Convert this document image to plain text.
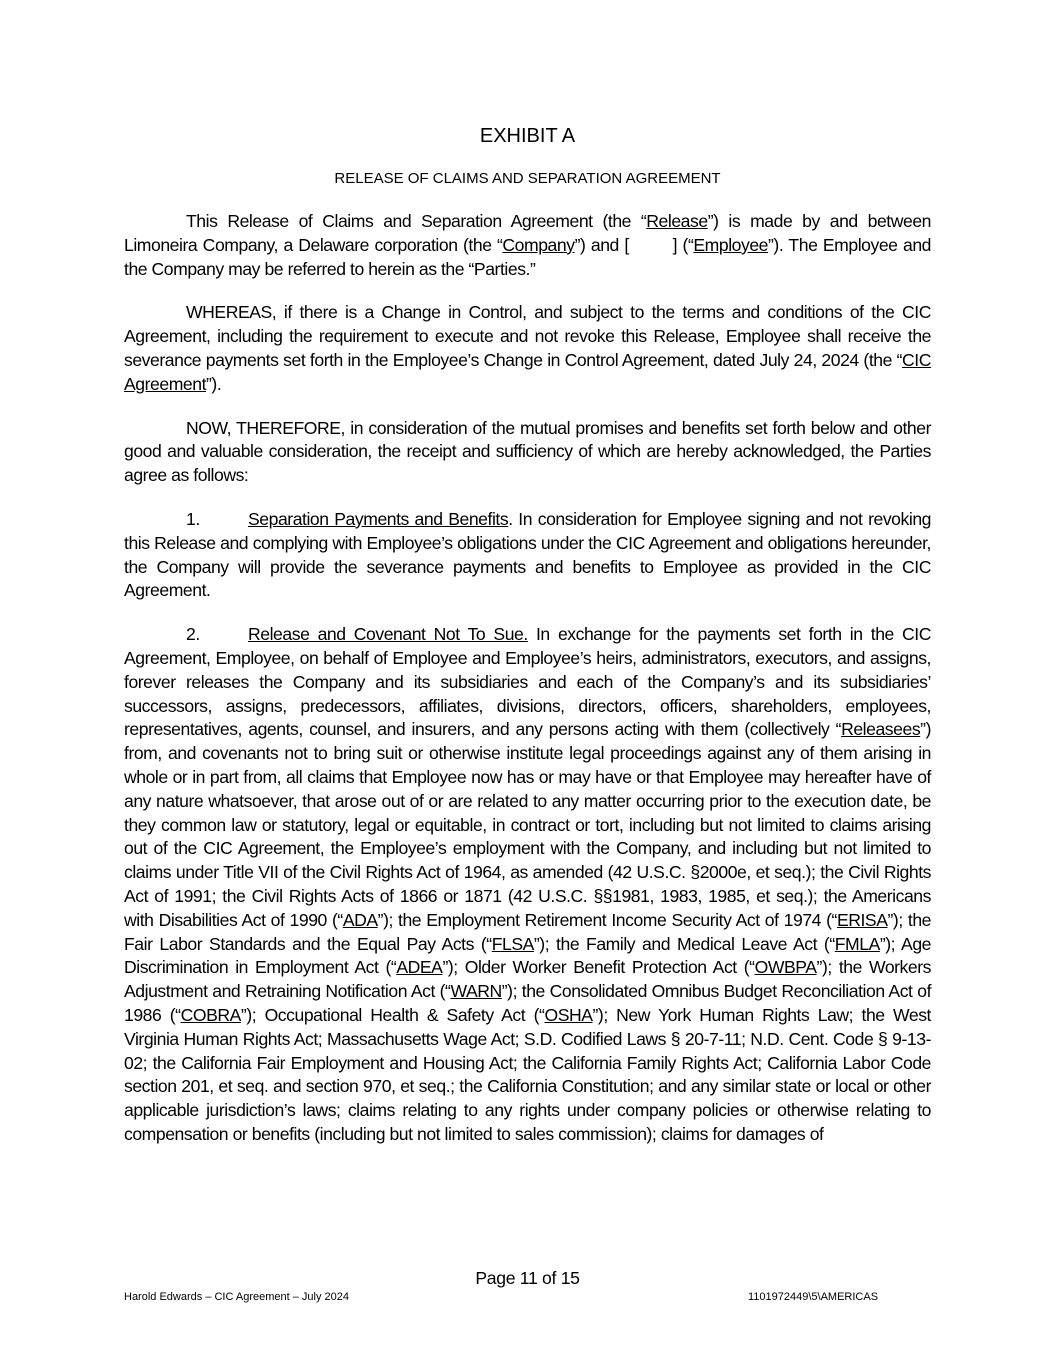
EXHIBIT A
RELEASE OF CLAIMS AND SEPARATION AGREEMENT

This Release of Claims and Separation Agreement (the “Release”) is made by and between Limoneira Company, a Delaware corporation (the “Company”) and [        ] (“Employee”). The Employee and the Company may be referred to herein as the “Parties.”

WHEREAS, if there is a Change in Control, and subject to the terms and conditions of the CIC Agreement, including the requirement to execute and not revoke this Release, Employee shall receive the severance payments set forth in the Employee’s Change in Control Agreement, dated July 24, 2024 (the “CIC Agreement”).

NOW, THEREFORE, in consideration of the mutual promises and benefits set forth below and other good and valuable consideration, the receipt and sufficiency of which are hereby acknowledged, the Parties agree as follows:

1.	Separation Payments and Benefits. In consideration for Employee signing and not revoking this Release and complying with Employee’s obligations under the CIC Agreement and obligations hereunder, the Company will provide the severance payments and benefits to Employee as provided in the CIC Agreement.

2.	Release and Covenant Not To Sue. In exchange for the payments set forth in the CIC Agreement, Employee, on behalf of Employee and Employee’s heirs, administrators, executors, and assigns, forever releases the Company and its subsidiaries and each of the Company’s and its subsidiaries’ successors, assigns, predecessors, affiliates, divisions, directors, officers, shareholders, employees, representatives, agents, counsel, and insurers, and any persons acting with them (collectively “Releasees”) from, and covenants not to bring suit or otherwise institute legal proceedings against any of them arising in whole or in part from, all claims that Employee now has or may have or that Employee may hereafter have of any nature whatsoever, that arose out of or are related to any matter occurring prior to the execution date, be they common law or statutory, legal or equitable, in contract or tort, including but not limited to claims arising out of the CIC Agreement, the Employee’s employment with the Company, and including but not limited to claims under Title VII of the Civil Rights Act of 1964, as amended (42 U.S.C. §2000e, et seq.); the Civil Rights Act of 1991; the Civil Rights Acts of 1866 or 1871 (42 U.S.C. §§1981, 1983, 1985, et seq.); the Americans with Disabilities Act of 1990 (“ADA”); the Employment Retirement Income Security Act of 1974 (“ERISA”); the Fair Labor Standards and the Equal Pay Acts (“FLSA”); the Family and Medical Leave Act (“FMLA”); Age Discrimination in Employment Act (“ADEA”); Older Worker Benefit Protection Act (“OWBPA”); the Workers Adjustment and Retraining Notification Act (“WARN”); the Consolidated Omnibus Budget Reconciliation Act of 1986 (“COBRA”); Occupational Health & Safety Act (“OSHA”); New York Human Rights Law; the West Virginia Human Rights Act; Massachusetts Wage Act; S.D. Codified Laws § 20-7-11; N.D. Cent. Code § 9-13-02; the California Fair Employment and Housing Act; the California Family Rights Act; California Labor Code section 201, et seq. and section 970, et seq.; the California Constitution; and any similar state or local or other applicable jurisdiction’s laws; claims relating to any rights under company policies or otherwise relating to compensation or benefits (including but not limited to sales commission); claims for damages of

Page 11 of 15
Harold Edwards – CIC Agreement – July 2024	1101972449\5\AMERICAS
